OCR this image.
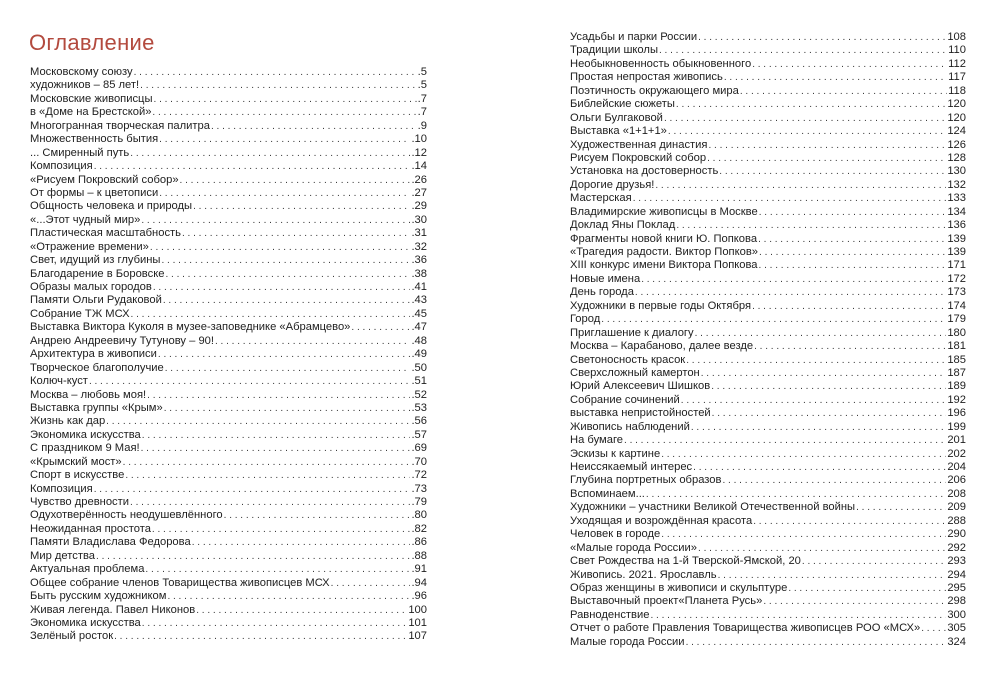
Оглавление
Московскому союзу . . .	.5
художников – 85 лет! . . .	.5
Московские живописцы . . .	.7
в «Доме на Брестской» . . .	.7
Многогранная творческая палитра . . .	.9
Множественность бытия . . .	.10
... Смиренный путь . . .	.12
Композиция . . .	.14
«Рисуем Покровский собор» . . .	.26
От формы – к цветописи . . .	.27
Общность человека и природы . . .	.29
«...Этот чудный мир» . . .	.30
Пластическая масштабность . . .	.31
«Отражение времени» . . .	.32
Свет, идущий из глубины . . .	.36
Благодарение в Боровске . . .	.38
Образы малых городов . . .	.41
Памяти Ольги Рудаковой . . .	.43
Собрание ТЖ МСХ . . .	.45
Выставка Виктора Куколя в музее-заповеднике «Абрамцево» . . .	.47
Андрею Андреевичу Тутунову – 90! . . .	.48
Архитектура в живописи . . .	.49
Творческое благополучие . . .	.50
Колюч-куст . . .	.51
Москва – любовь моя! . . .	.52
Выставка группы «Крым» . . .	.53
Жизнь как дар . . .	.56
Экономика искусства . . .	.57
С праздником 9 Мая! . . .	.69
«Крымский мост» . . .	.70
Спорт в искусстве . . .	.72
Композиция . . .	.73
Чувство древности . . .	.79
Одухотверённость неодушевлённого . . .	.80
Неожиданная простота . . .	.82
Памяти Владислава Федорова . . .	.86
Мир детства . . .	.88
Актуальная проблема . . .	.91
Общее собрание членов Товарищества живописцев МСХ . . .	.94
Быть русским художником . . .	.96
Живая легенда. Павел Никонов . . .	100
Экономика искусства . . .	101
Зелёный росток . . .	107
Усадьбы и парки России . . .	108
Традиции школы . . .	110
Необыкновенность обыкновенного . . .	112
Простая непростая живопись . . .	117
Поэтичность окружающего мира . . .	118
Библейские сюжеты . . .	120
Ольги Булгаковой . . .	120
Выставка «1+1+1» . . .	124
Художественная династия . . .	126
Рисуем Покровский собор . . .	128
Установка на достоверность . . .	130
Дорогие друзья! . . .	132
Мастерская . . .	133
Владимирские живописцы в Москве . . .	134
Доклад Яны Поклад . . .	136
Фрагменты новой книги Ю. Попкова . . .	139
«Трагедия радости. Виктор Попков» . . .	139
XIII конкурс имени Виктора Попкова . . .	171
Новые имена . . .	172
День города . . .	173
Художники в первые годы Октября . . .	174
Город . . .	179
Приглашение к диалогу . . .	180
Москва – Карабаново, далее везде . . .	181
Светоносность красок . . .	185
Сверхсложный камертон . . .	187
Юрий Алексеевич Шишков . . .	189
Собрание сочинений . . .	192
выставка непристойностей . . .	196
Живопись наблюдений . . .	199
На бумаге . . .	201
Эскизы к картине . . .	202
Неиссякаемый интерес . . .	204
Глубина портретных образов . . .	206
Вспоминаем... . . .	208
Художники – участники Великой Отечественной войны . . .	209
Уходящая и возрождённая красота . . .	288
Человек в городе . . .	290
«Малые города России» . . .	292
Свет Рождества на 1-й Тверской-Ямской, 20 . . .	293
Живопись. 2021. Ярославль . . .	294
Образ женщины в живописи и скульптуре . . .	295
Выставочный проект«Планета Русь» . . .	298
Равноденствие . . .	300
Отчет о работе Правления Товарищества живописцев РОО «МСХ» . . . 305
Малые города России . . .	324
